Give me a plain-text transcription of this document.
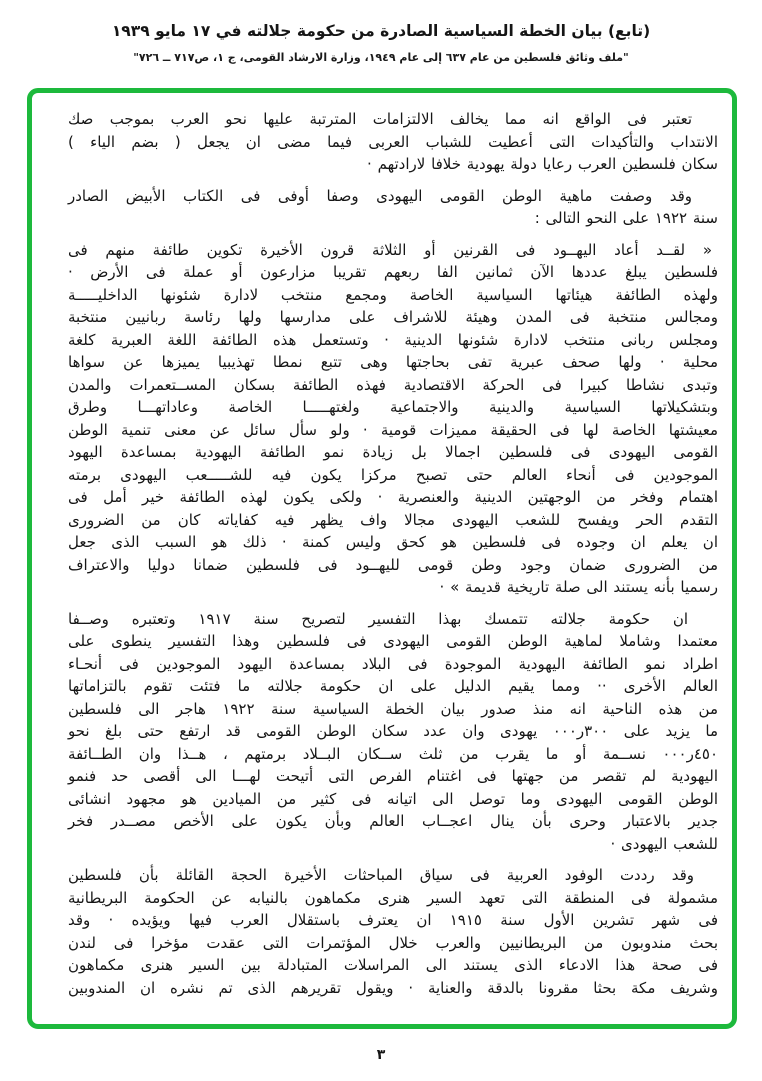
(تابع) بيان الخطة السياسية الصادرة من حكومة جلالته في ١٧ مايو ١٩٣٩
"ملف وثائق فلسطين من عام ٦٣٧ إلى عام ١٩٤٩، وزارة الارشاد القومى، ج ١، ص٧١٧ ــ ٧٢٦"
تعتبر فى الواقع انه مما يخالف الالتزامات المترتبة عليها نحو العرب بموجب صك
الانتداب والتأكيدات التى أعطيت للشباب العربى فيما مضى ان يجعل ( بضم الياء )
سكان فلسطين العرب رعايا دولة يهودية خلافا لارادتهم ·
وقد وصفت ماهية الوطن القومى اليهودى وصفا أوفى فى الكتاب الأبيض الصادر
سنة ١٩٢٢ على النحو التالى :
« لقــد أعاد اليهــود فى القرنين أو الثلاثة قرون الأخيرة تكوين طائفة منهم فى
فلسطين يبلغ عددها الآن ثمانين الفا ربعهم تقريبا مزارعون أو عملة فى الأرض ·
ولهذه الطائفة هيئاتها السياسية الخاصة ومجمع منتخب لادارة شئونها الداخليـــــة
ومجالس منتخبة فى المدن وهيئة للاشراف على مدارسها ولها رئاسة ربانيين منتخبة
ومجلس ربانى منتخب لادارة شئونها الدينية · وتستعمل هذه الطائفة اللغة العبرية كلغة
محلية · ولها صحف عبرية تفى بحاجتها وهى تتبع نمطا تهذيبيا يميزها عن سواها
وتبدى نشاطا كبيرا فى الحركة الاقتصادية فهذه الطائفة بسكان المســتعمرات والمدن
وبتشكيلاتها السياسية والدينية والاجتماعية ولغتهـــــا الخاصة وعاداتهـــا وطرق
معيشتها الخاصة لها فى الحقيقة مميزات قومية · ولو سأل سائل عن معنى تنمية الوطن
القومى اليهودى فى فلسطين اجمالا بل زيادة نمو الطائفة اليهودية بمساعدة اليهود
الموجودين فى أنحاء العالم حتى تصبح مركزا يكون فيه للشـــــعب اليهودى برمته
اهتمام وفخر من الوجهتين الدينية والعنصرية · ولكى يكون لهذه الطائفة خير أمل فى
التقدم الحر ويفسح للشعب اليهودى مجالا واف يظهر فيه كفاياته كان من الضرورى
ان يعلم ان وجوده فى فلسطين هو كحق وليس كمنة · ذلك هو السبب الذى جعل
من الضرورى ضمان وجود وطن قومى لليهــود فى فلسطين ضمانا دوليا والاعتراف
رسميا بأنه يستند الى صلة تاريخية قديمة » ·
ان حكومة جلالته تتمسك بهذا التفسير لتصريح سنة ١٩١٧ وتعتبره وصــفا
معتمدا وشاملا لماهية الوطن القومى اليهودى فى فلسطين وهذا التفسير ينطوى على
اطراد نمو الطائفة اليهودية الموجودة فى البلاد بمساعدة اليهود الموجودين فى أنحـاء
العالم الأخرى ·· ومما يقيم الدليل على ان حكومة جلالته ما فتئت تقوم بالتزاماتها
من هذه الناحية انه منذ صدور بيان الخطة السياسية سنة ١٩٢٢ هاجر الى فلسطين
ما يزيد على ٣٠٠ر٠٠٠ يهودى وان عدد سكان الوطن القومى قد ارتفع حتى بلغ نحو
٤٥٠ر٠٠٠ نســمة أو ما يقرب من ثلث ســكان البــلاد برمتهم ، هــذا وان الطــائفة
اليهودية لم تقصر من جهتها فى اغتنام الفرص التى أتيحت لهـــا الى أقصى حد فنمو
الوطن القومى اليهودى وما توصل الى اتيانه فى كثير من الميادين هو مجهود انشائى
جدير بالاعتبار وحرى بأن ينال اعجــاب العالم وبأن يكون على الأخص مصــدر فخر
للشعب اليهودى ·
وقد رددت الوفود العربية فى سياق المباحثات الأخيرة الحجة القائلة بأن فلسطين
مشمولة فى المنطقة التى تعهد السير هنرى مكماهون بالنيابه عن الحكومة البريطانية
فى شهر تشرين الأول سنة ١٩١٥ ان يعترف باستقلال العرب فيها ويؤيده · وقد
بحث مندوبون من البريطانيين والعرب خلال المؤتمرات التى عقدت مؤخرا فى لندن
فى صحة هذا الادعاء الذى يستند الى المراسلات المتبادلة بين السير هنرى مكماهون
وشريف مكة بحثا مقرونا بالدقة والعناية · ويقول تقريرهم الذى تم نشره ان المندوبين
٣
